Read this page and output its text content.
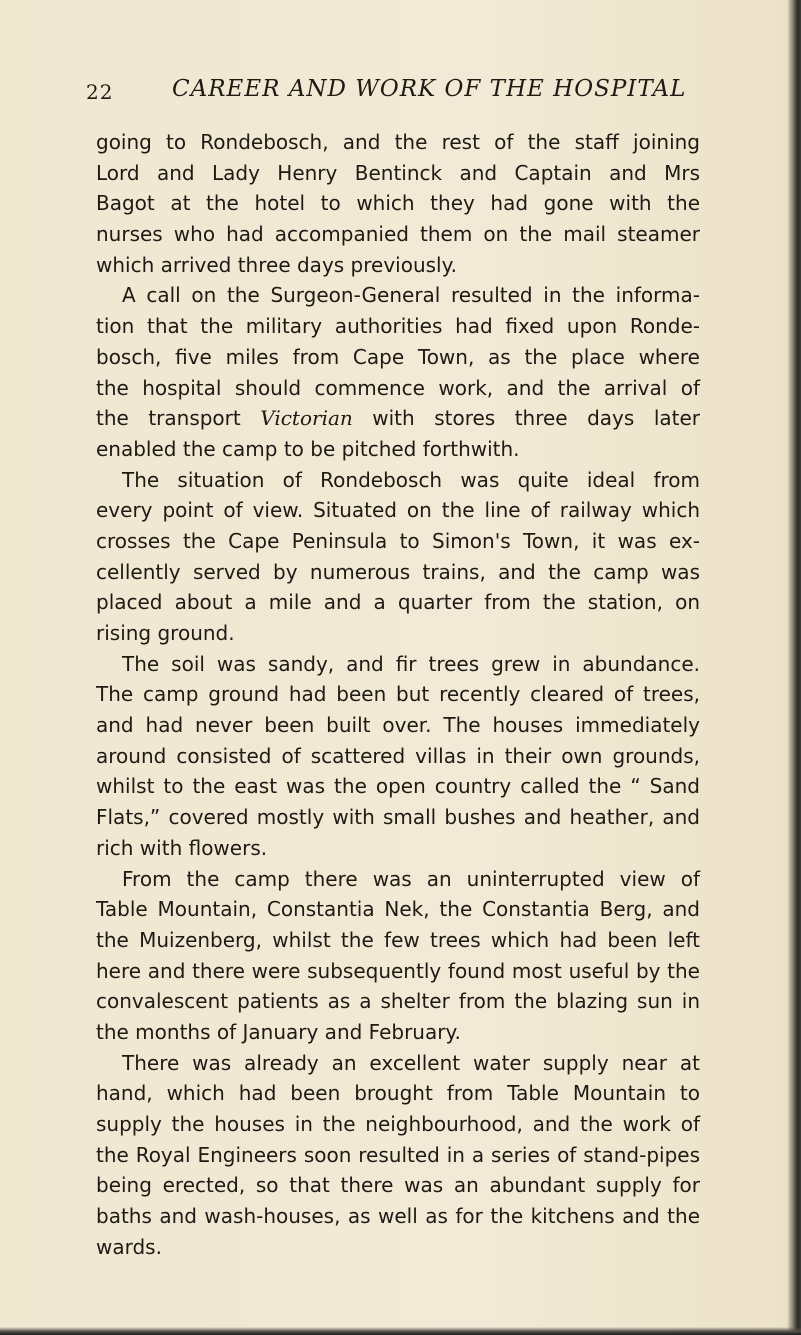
22	CAREER AND WORK OF THE HOSPITAL
going to Rondebosch, and the rest of the staff joining
Lord and Lady Henry Bentinck and Captain and Mrs
Bagot at the hotel to which they had gone with the
nurses who had accompanied them on the mail steamer
which arrived three days previously.
A call on the Surgeon-General resulted in the informa-
tion that the military authorities had fixed upon Ronde-
bosch, five miles from Cape Town, as the place where
the hospital should commence work, and the arrival of
the transport Victorian with stores three days later
enabled the camp to be pitched forthwith.
The situation of Rondebosch was quite ideal from
every point of view. Situated on the line of railway which
crosses the Cape Peninsula to Simon's Town, it was ex-
cellently served by numerous trains, and the camp was
placed about a mile and a quarter from the station, on
rising ground.
The soil was sandy, and fir trees grew in abundance.
The camp ground had been but recently cleared of trees,
and had never been built over. The houses immediately
around consisted of scattered villas in their own grounds,
whilst to the east was the open country called the “ Sand
Flats,” covered mostly with small bushes and heather, and
rich with flowers.
From the camp there was an uninterrupted view of
Table Mountain, Constantia Nek, the Constantia Berg, and
the Muizenberg, whilst the few trees which had been left
here and there were subsequently found most useful by the
convalescent patients as a shelter from the blazing sun in
the months of January and February.
There was already an excellent water supply near at
hand, which had been brought from Table Mountain to
supply the houses in the neighbourhood, and the work of
the Royal Engineers soon resulted in a series of stand-pipes
being erected, so that there was an abundant supply for
baths and wash-houses, as well as for the kitchens and the
wards.
